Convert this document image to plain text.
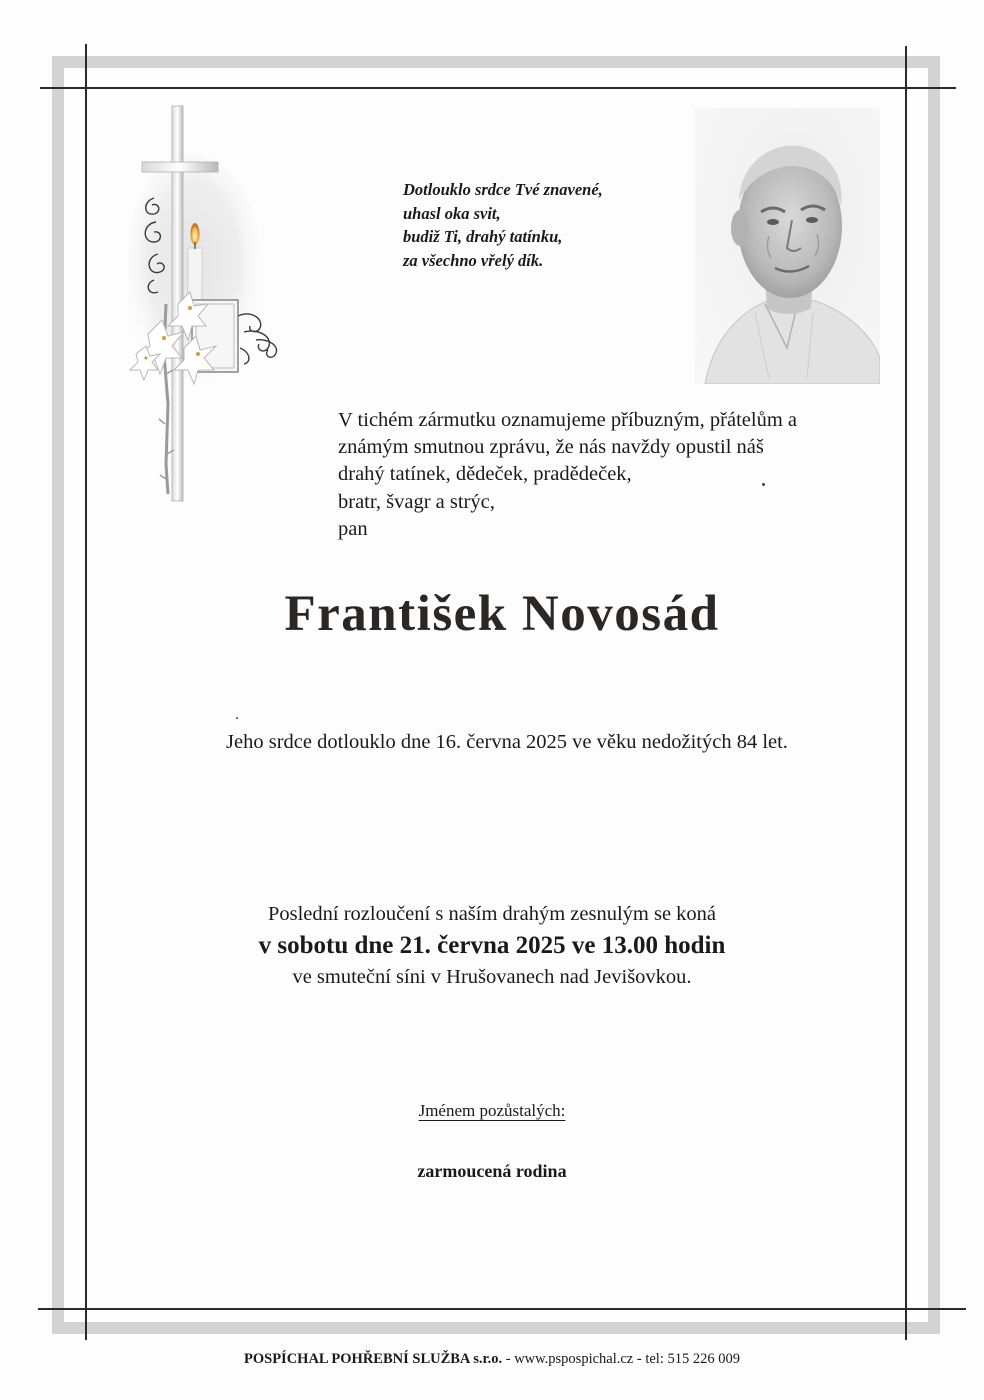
Dotlouklo srdce Tvé znavené,
uhasl oka svit,
budiž Ti, drahý tatínku,
za všechno vřelý dík.
V tichém zármutku oznamujeme příbuzným, přátelům a
známým smutnou zprávu, že nás navždy opustil náš
drahý tatínek, dědeček, pradědeček,
bratr, švagr a strýc,
pan
František Novosád
Jeho srdce dotlouklo dne 16. června 2025 ve věku nedožitých 84 let.
Poslední rozloučení s naším drahým zesnulým se koná
v sobotu dne 21. června 2025 ve 13.00 hodin
ve smuteční síni v Hrušovanech nad Jevišovkou.
Jménem pozůstalých:
zarmoucená rodina
POSPÍCHAL POHŘEBNÍ SLUŽBA s.r.o. - www.pspospichal.cz - tel: 515 226 009
